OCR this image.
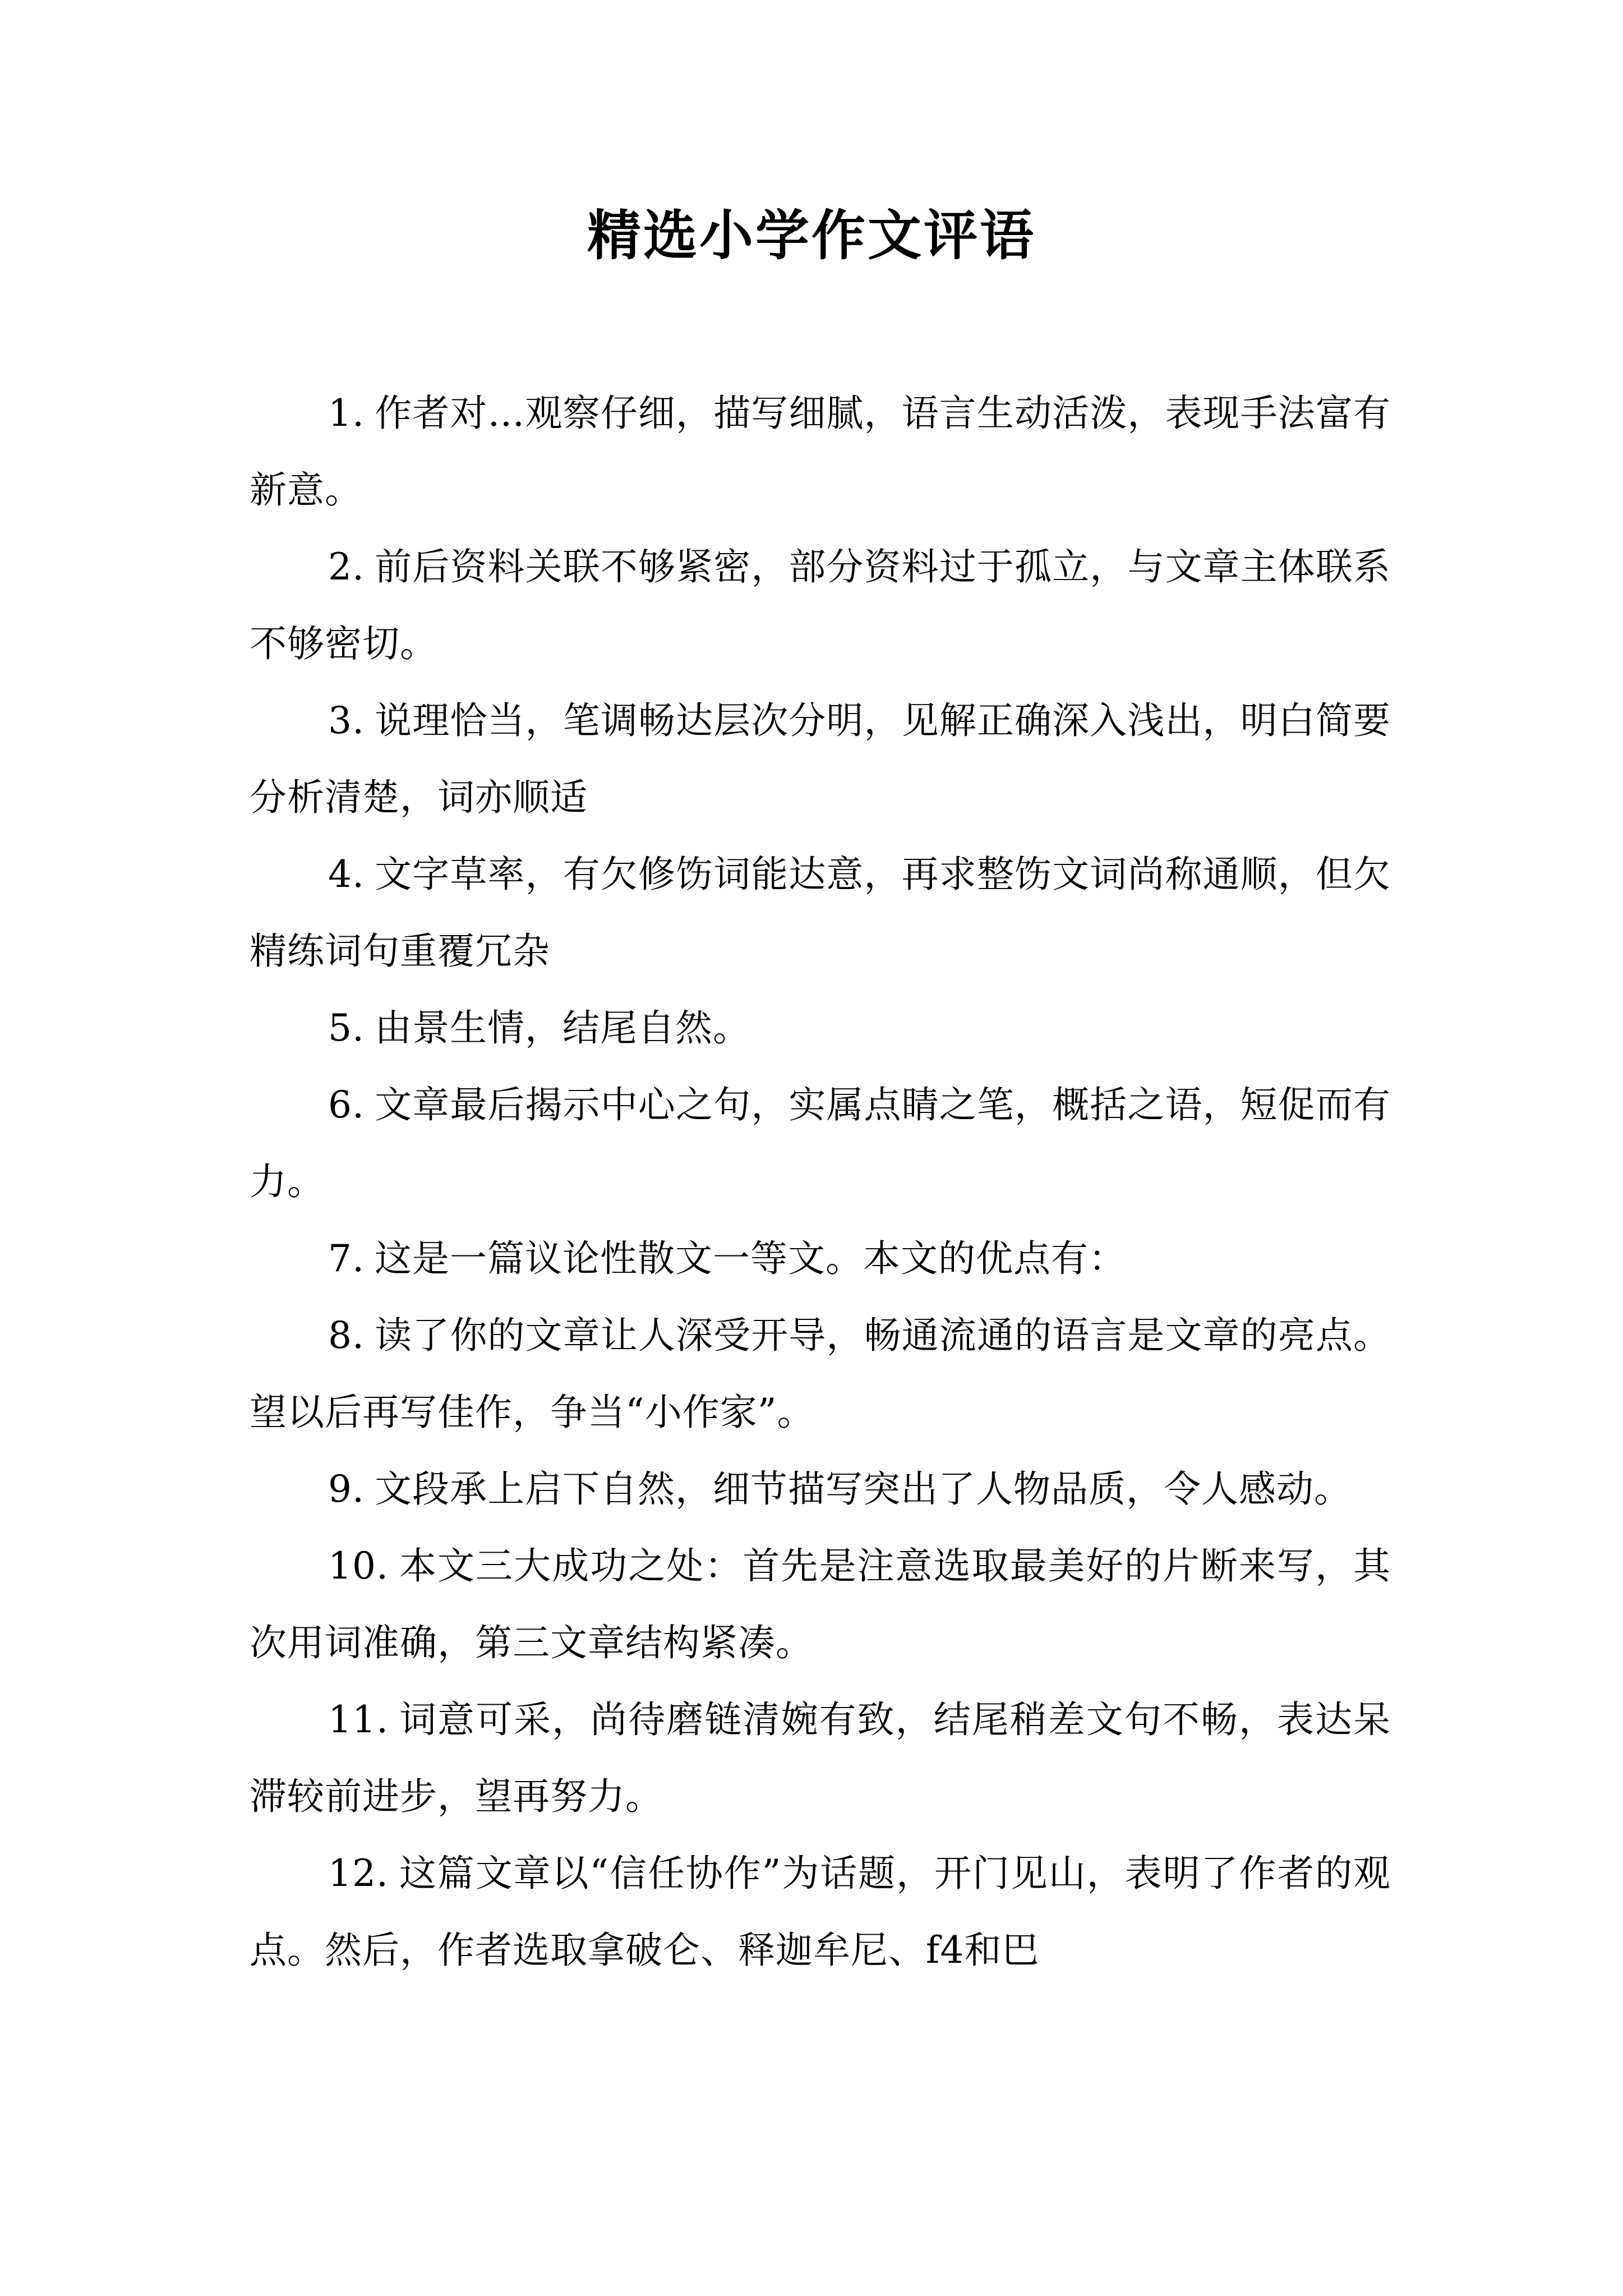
精选小学作文评语

1. 作者对…观察仔细，描写细腻，语言生动活泼，表现手法富有新意。

2. 前后资料关联不够紧密，部分资料过于孤立，与文章主体联系不够密切。

3. 说理恰当，笔调畅达层次分明，见解正确深入浅出，明白简要分析清楚，词亦顺适

4. 文字草率，有欠修饬词能达意，再求整饬文词尚称通顺，但欠精练词句重覆冗杂

5. 由景生情，结尾自然。

6. 文章最后揭示中心之句，实属点睛之笔，概括之语，短促而有力。

7. 这是一篇议论性散文一等文。本文的优点有：

8. 读了你的文章让人深受开导，畅通流通的语言是文章的亮点。望以后再写佳作，争当“小作家”。

9. 文段承上启下自然，细节描写突出了人物品质，令人感动。

10. 本文三大成功之处：首先是注意选取最美好的片断来写，其次用词准确，第三文章结构紧凑。

11. 词意可采，尚待磨链清婉有致，结尾稍差文句不畅，表达呆滞较前进步，望再努力。

12. 这篇文章以“信任协作”为话题，开门见山，表明了作者的观点。然后，作者选取拿破仑、释迦牟尼、f4和巴
